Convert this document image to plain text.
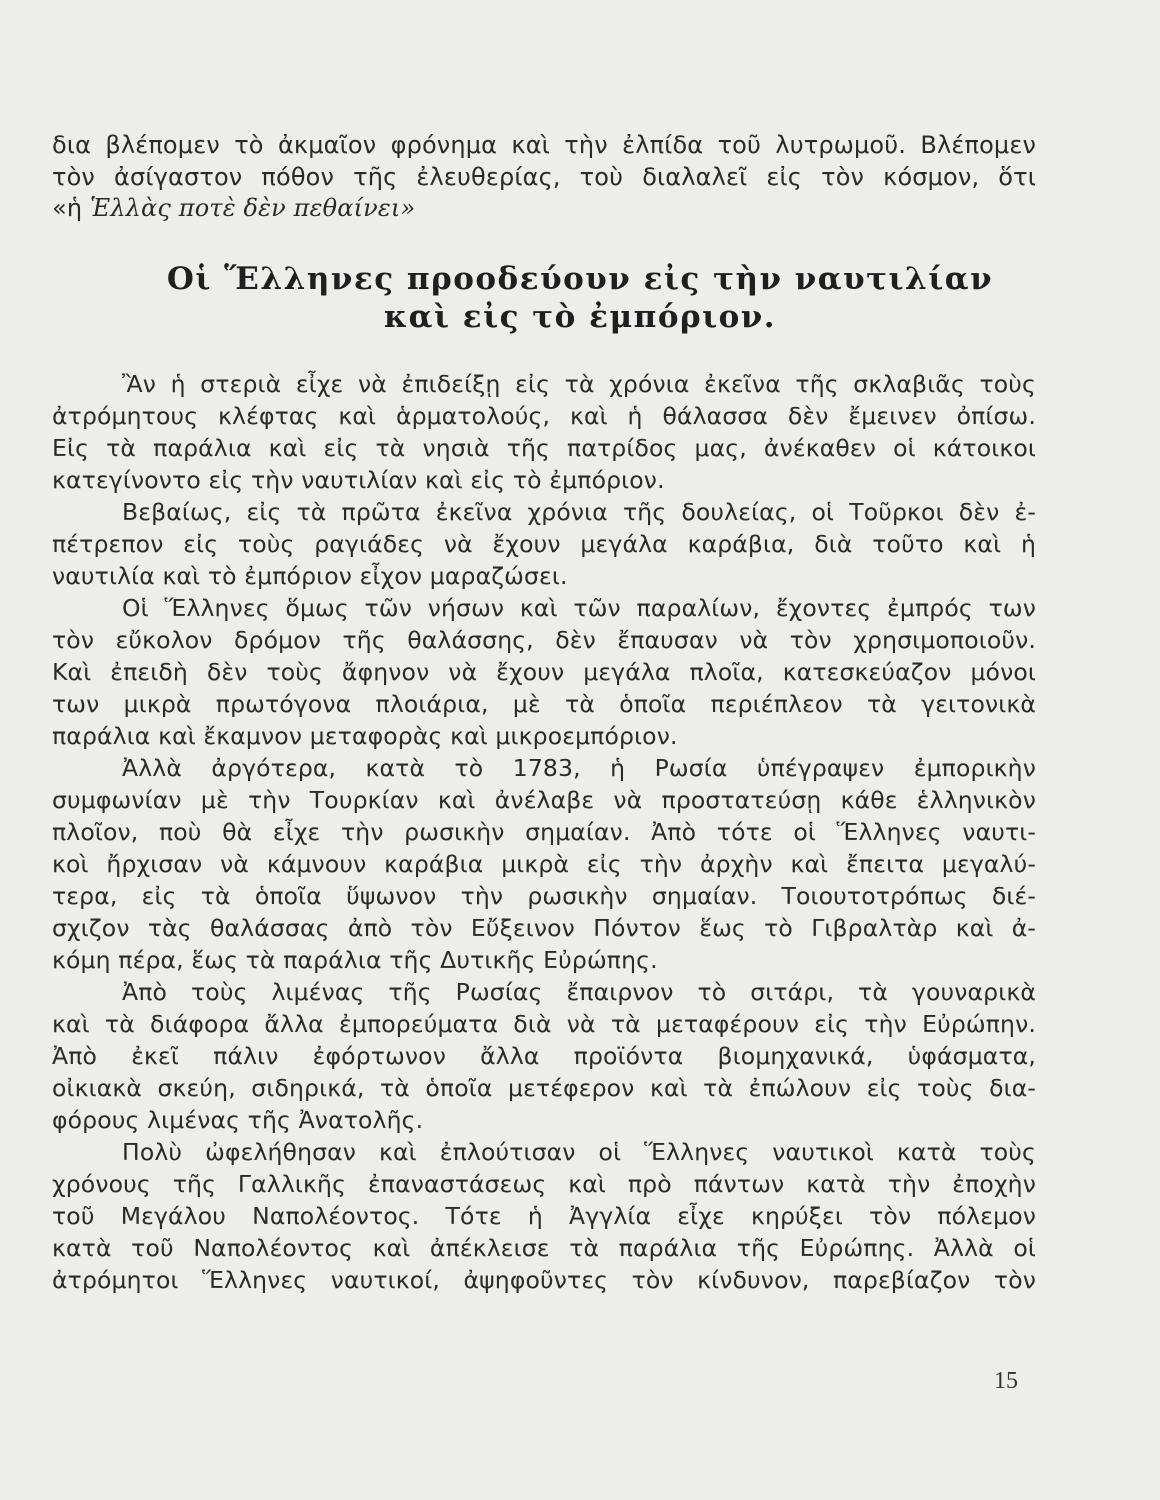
δια βλέπομεν τὸ ἀκμαῖον φρόνημα καὶ τὴν ἐλπίδα τοῦ λυτρωμοῦ. Βλέπομεν
τὸν ἀσίγαστον πόθον τῆς ἐλευθερίας, τοὺ διαλαλεῖ εἰς τὸν κόσμον, ὅτι
«ἡ Ἑλλὰς ποτὲ δὲν πεθαίνει»
Οἱ Ἕλληνες προοδεύουν εἰς τὴν ναυτιλίαν
καὶ εἰς τὸ ἐμπόριον.
Ἂν ἡ στεριὰ εἶχε νὰ ἐπιδείξῃ εἰς τὰ χρόνια ἐκεῖνα τῆς σκλαβιᾶς τοὺς
ἀτρόμητους κλέφτας καὶ ἁρματολούς, καὶ ἡ θάλασσα δὲν ἔμεινεν ὀπίσω.
Εἰς τὰ παράλια καὶ εἰς τὰ νησιὰ τῆς πατρίδος μας, ἀνέκαθεν οἱ κάτοικοι
κατεγίνοντο εἰς τὴν ναυτιλίαν καὶ εἰς τὸ ἐμπόριον.
Βεβαίως, εἰς τὰ πρῶτα ἐκεῖνα χρόνια τῆς δουλείας, οἱ Τοῦρκοι δὲν ἐ-
πέτρεπον εἰς τοὺς ραγιάδες νὰ ἔχουν μεγάλα καράβια, διὰ τοῦτο καὶ ἡ
ναυτιλία καὶ τὸ ἐμπόριον εἶχον μαραζώσει.
Οἱ Ἕλληνες ὅμως τῶν νήσων καὶ τῶν παραλίων, ἔχοντες ἐμπρός των
τὸν εὔκολον δρόμον τῆς θαλάσσης, δὲν ἔπαυσαν νὰ τὸν χρησιμοποιοῦν.
Καὶ ἐπειδὴ δὲν τοὺς ἄφηνον νὰ ἔχουν μεγάλα πλοῖα, κατεσκεύαζον μόνοι
των μικρὰ πρωτόγονα πλοιάρια, μὲ τὰ ὁποῖα περιέπλεον τὰ γειτονικὰ
παράλια καὶ ἔκαμνον μεταφορὰς καὶ μικροεμπόριον.
Ἀλλὰ ἀργότερα, κατὰ τὸ 1783, ἡ Ρωσία ὑπέγραψεν ἐμπορικὴν
συμφωνίαν μὲ τὴν Τουρκίαν καὶ ἀνέλαβε νὰ προστατεύσῃ κάθε ἑλληνικὸν
πλοῖον, ποὺ θὰ εἶχε τὴν ρωσικὴν σημαίαν. Ἀπὸ τότε οἱ Ἕλληνες ναυτι-
κοὶ ἤρχισαν νὰ κάμνουν καράβια μικρὰ εἰς τὴν ἀρχὴν καὶ ἔπειτα μεγαλύ-
τερα, εἰς τὰ ὁποῖα ὕψωνον τὴν ρωσικὴν σημαίαν. Τοιουτοτρόπως διέ-
σχιζον τὰς θαλάσσας ἀπὸ τὸν Εὔξεινον Πόντον ἕως τὸ Γιβραλτὰρ καὶ ἀ-
κόμη πέρα, ἕως τὰ παράλια τῆς Δυτικῆς Εὐρώπης.
Ἀπὸ τοὺς λιμένας τῆς Ρωσίας ἔπαιρνον τὸ σιτάρι, τὰ γουναρικὰ
καὶ τὰ διάφορα ἄλλα ἐμπορεύματα διὰ νὰ τὰ μεταφέρουν εἰς τὴν Εὐρώπην.
Ἀπὸ ἐκεῖ πάλιν ἐφόρτωνον ἄλλα προϊόντα βιομηχανικά, ὑφάσματα,
οἰκιακὰ σκεύη, σιδηρικά, τὰ ὁποῖα μετέφερον καὶ τὰ ἐπώλουν εἰς τοὺς δια-
φόρους λιμένας τῆς Ἀνατολῆς.
Πολὺ ὠφελήθησαν καὶ ἐπλούτισαν οἱ Ἕλληνες ναυτικοὶ κατὰ τοὺς
χρόνους τῆς Γαλλικῆς ἐπαναστάσεως καὶ πρὸ πάντων κατὰ τὴν ἐποχὴν
τοῦ Μεγάλου Ναπολέοντος. Τότε ἡ Ἀγγλία εἶχε κηρύξει τὸν πόλεμον
κατὰ τοῦ Ναπολέοντος καὶ ἀπέκλεισε τὰ παράλια τῆς Εὐρώπης. Ἀλλὰ οἱ
ἀτρόμητοι Ἕλληνες ναυτικοί, ἀψηφοῦντες τὸν κίνδυνον, παρεβίαζον τὸν
15
